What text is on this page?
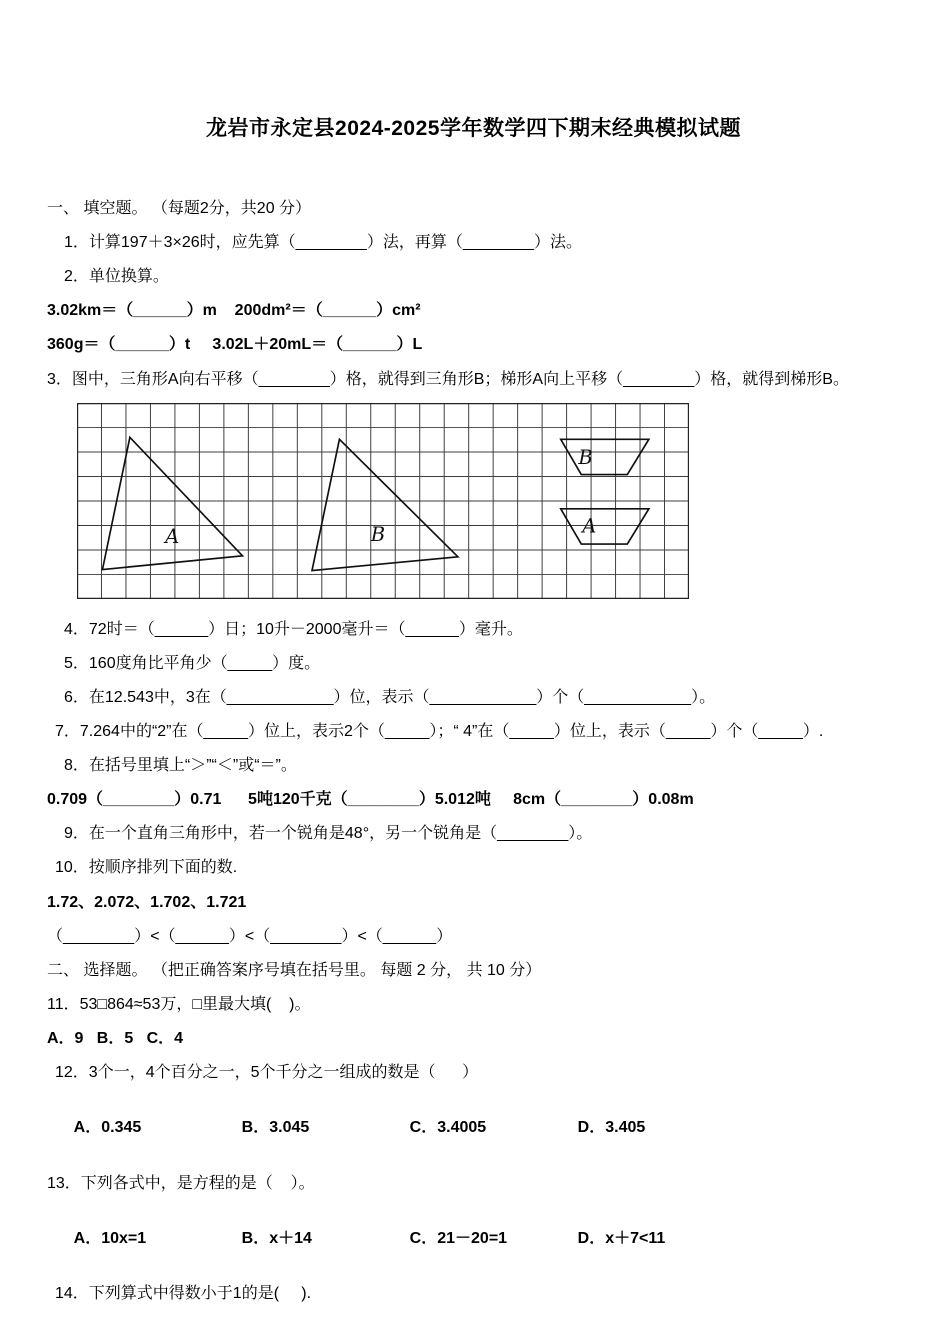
龙岩市永定县2024-2025学年数学四下期末经典模拟试题
一、 填空题。 （每题2分，共20 分）
1．计算197＋3×26时，应先算（________）法，再算（________）法。
2．单位换算。
3.02km＝（______）m    200dm²＝（______）cm²
360g＝（______）t     3.02L＋20mL＝（______）L
3．图中，三角形A向右平移（________）格，就得到三角形B；梯形A向上平移（________）格，就得到梯形B。
A	B
B
A
4．72时＝（______）日；10升－2000毫升＝（______）毫升。
5．160度角比平角少（_____）度。
6．在12.543中，3在（____________）位，表示（____________）个（____________）。
7．7.264中的“2”在（_____）位上，表示2个（_____）；“ 4”在（_____）位上，表示（_____）个（_____）.
8．在括号里填上“＞”“＜”或“＝”。
0.709（________）0.71      5吨120千克（________）5.012吨     8cm（________）0.08m
9．在一个直角三角形中，若一个锐角是48°，另一个锐角是（________）。
10．按顺序排列下面的数.
1.72、2.072、1.702、1.721
（________）<（______）<（________）<（______）
二、 选择题。 （把正确答案序号填在括号里。 每题 2 分， 共 10 分）
11．53□864≈53万，□里最大填(    )。
A．9   B．5   C．4
12．3个一，4个百分之一，5个千分之一组成的数是（      ）

A．0.345	B．3.045	C．3.4005	D．3.405

13．下列各式中，是方程的是（    ）。

A．10x=1	B．x＋14	C．21－20=1	D．x＋7<11

14．下列算式中得数小于1的是(     ).
